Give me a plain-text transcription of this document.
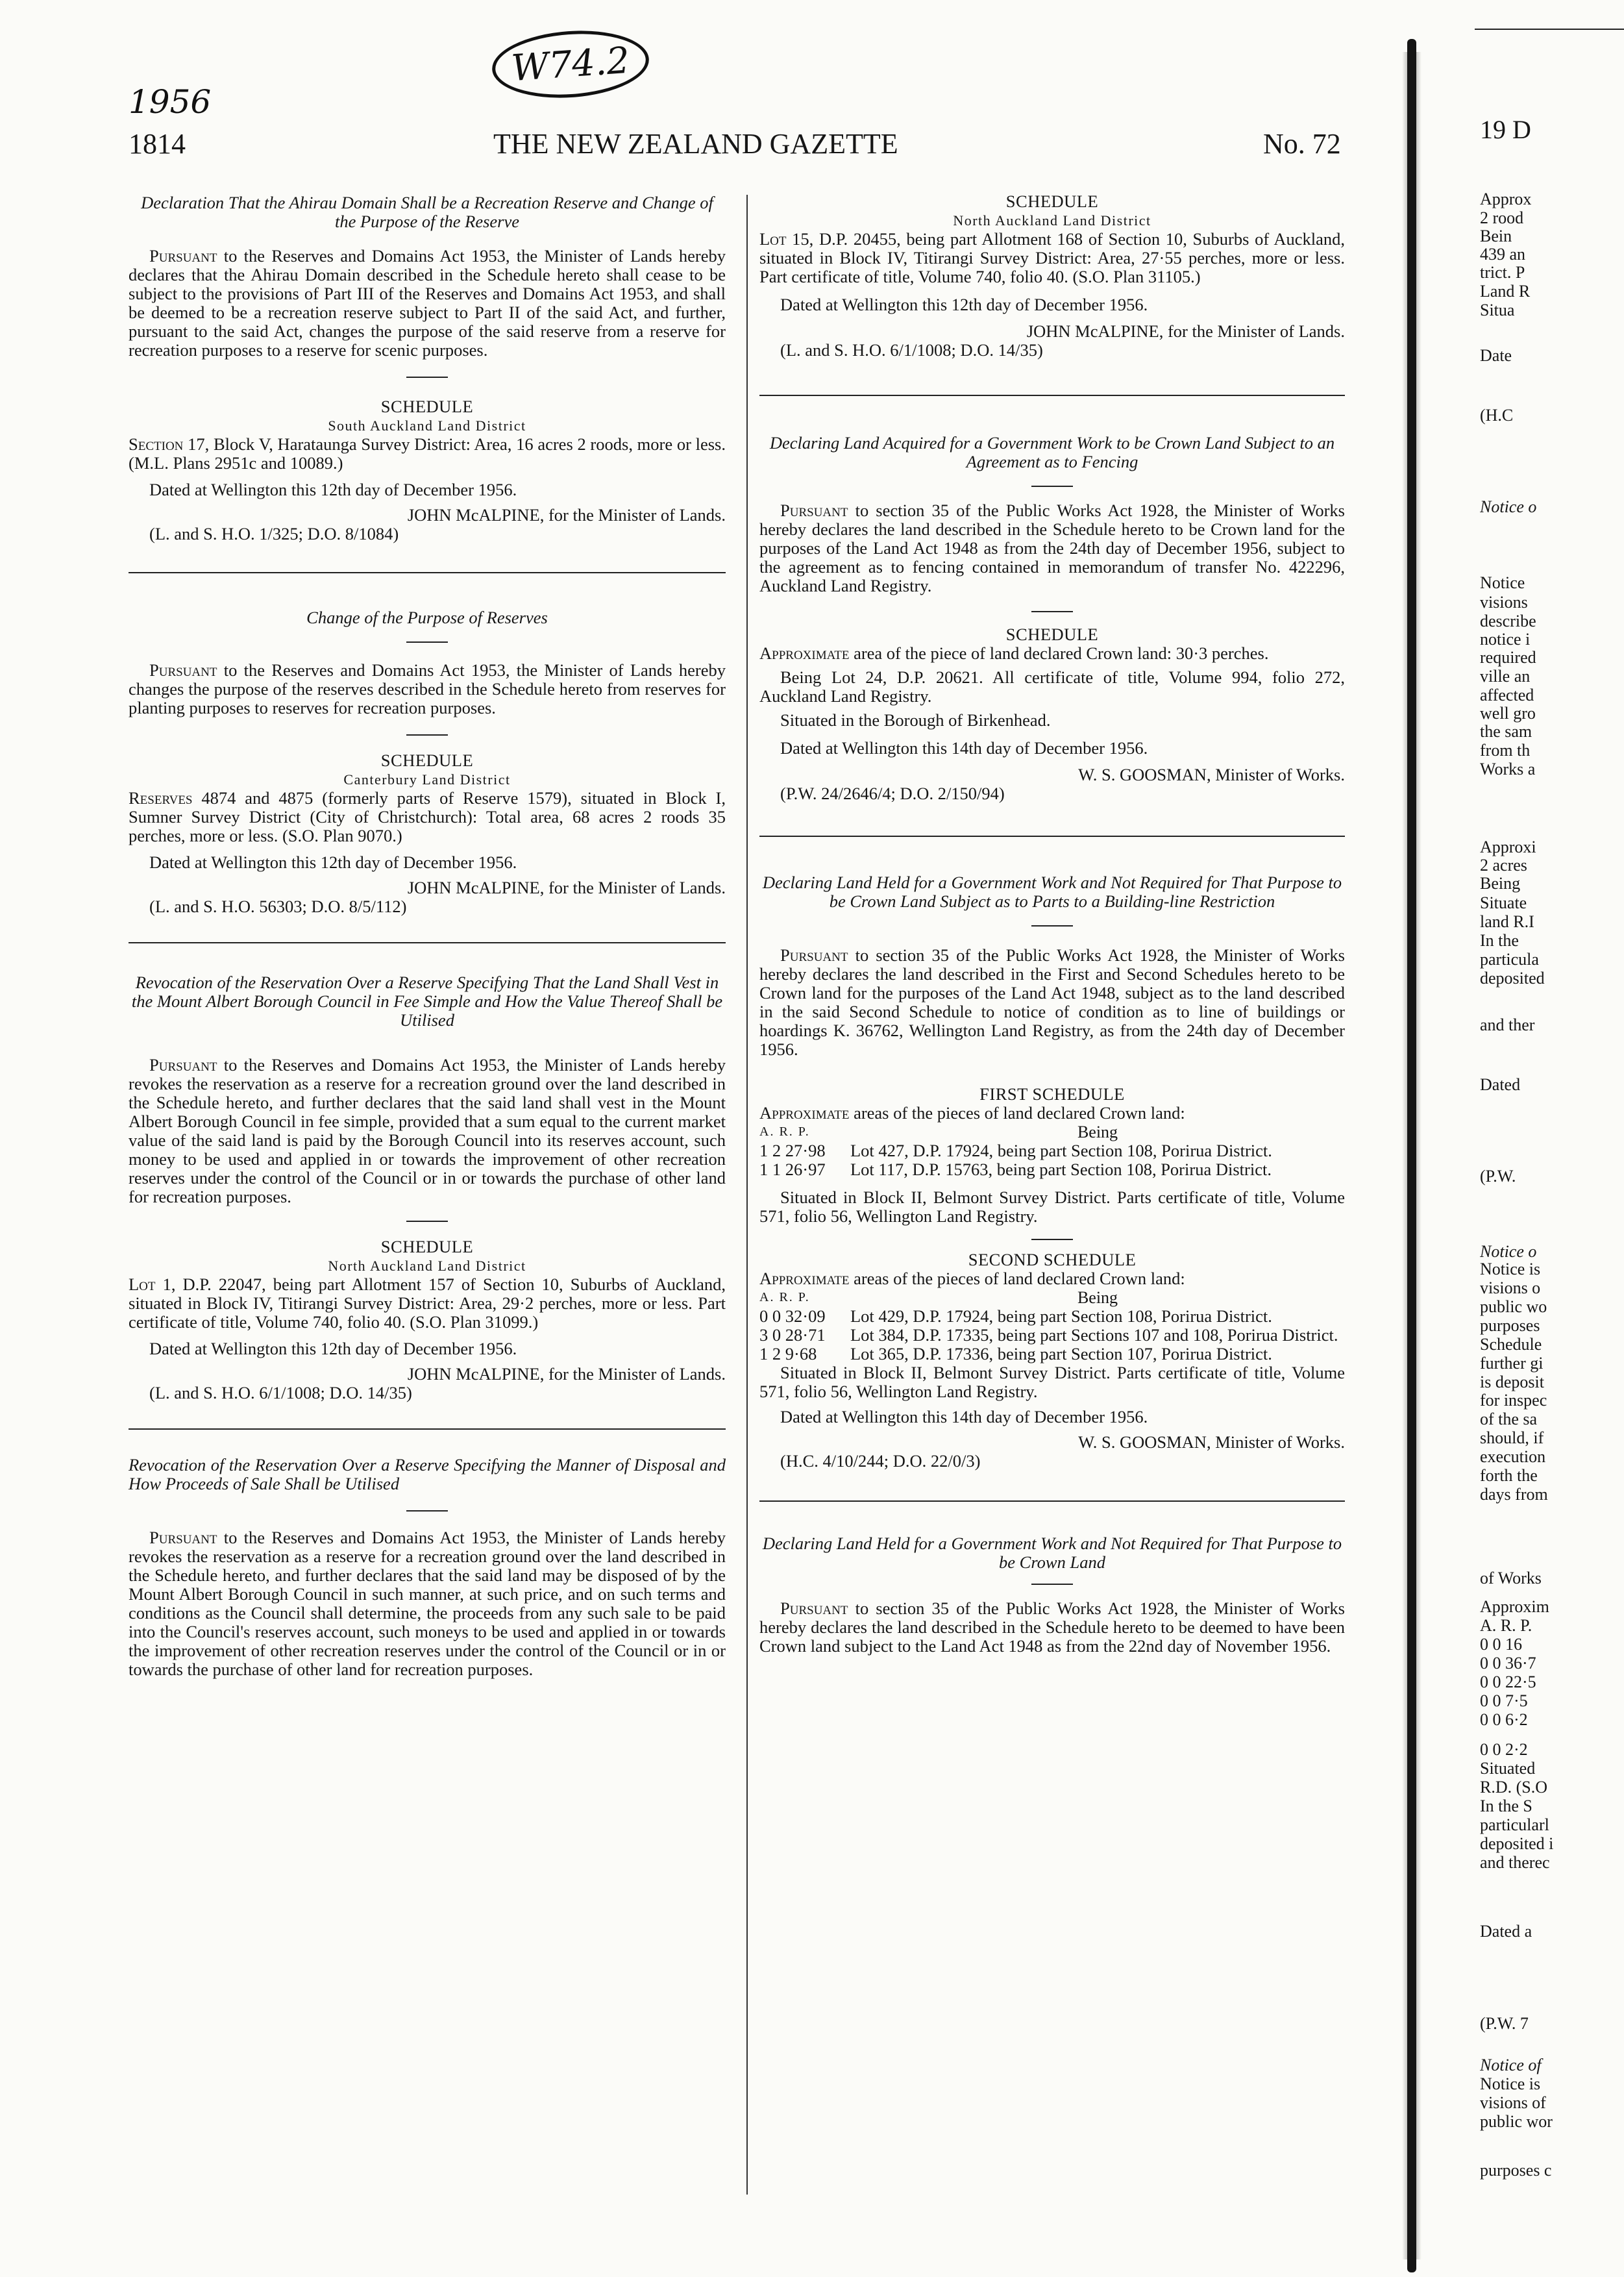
1956
W74.2
1814	THE NEW ZEALAND GAZETTE	No. 72

Declaration That the Ahirau Domain Shall be a Recreation Reserve and Change of the Purpose of the Reserve

Pursuant to the Reserves and Domains Act 1953, the Minister of Lands hereby declares that the Ahirau Domain described in the Schedule hereto shall cease to be subject to the provisions of Part III of the Reserves and Domains Act 1953, and shall be deemed to be a recreation reserve subject to Part II of the said Act, and further, pursuant to the said Act, changes the purpose of the said reserve from a reserve for recreation purposes to a reserve for scenic purposes.

SCHEDULE

South Auckland Land District

Section 17, Block V, Harataunga Survey District: Area, 16 acres 2 roods, more or less. (M.L. Plans 2951c and 10089.)

Dated at Wellington this 12th day of December 1956.

JOHN McALPINE, for the Minister of Lands.

(L. and S. H.O. 1/325; D.O. 8/1084)

Change of the Purpose of Reserves

Pursuant to the Reserves and Domains Act 1953, the Minister of Lands hereby changes the purpose of the reserves described in the Schedule hereto from reserves for planting purposes to reserves for recreation purposes.

SCHEDULE

Canterbury Land District

Reserves 4874 and 4875 (formerly parts of Reserve 1579), situated in Block I, Sumner Survey District (City of Christchurch): Total area, 68 acres 2 roods 35 perches, more or less. (S.O. Plan 9070.)

Dated at Wellington this 12th day of December 1956.

JOHN McALPINE, for the Minister of Lands.

(L. and S. H.O. 56303; D.O. 8/5/112)

Revocation of the Reservation Over a Reserve Specifying That the Land Shall Vest in the Mount Albert Borough Council in Fee Simple and How the Value Thereof Shall be Utilised

Pursuant to the Reserves and Domains Act 1953, the Minister of Lands hereby revokes the reservation as a reserve for a recreation ground over the land described in the Schedule hereto, and further declares that the said land shall vest in the Mount Albert Borough Council in fee simple, provided that a sum equal to the current market value of the said land is paid by the Borough Council into its reserves account, such money to be used and applied in or towards the improvement of other recreation reserves under the control of the Council or in or towards the purchase of other land for recreation purposes.

SCHEDULE

North Auckland Land District

Lot 1, D.P. 22047, being part Allotment 157 of Section 10, Suburbs of Auckland, situated in Block IV, Titirangi Survey District: Area, 29·2 perches, more or less. Part certificate of title, Volume 740, folio 40. (S.O. Plan 31099.)

Dated at Wellington this 12th day of December 1956.

JOHN McALPINE, for the Minister of Lands.

(L. and S. H.O. 6/1/1008; D.O. 14/35)

Revocation of the Reservation Over a Reserve Specifying the Manner of Disposal and How Proceeds of Sale Shall be Utilised

Pursuant to the Reserves and Domains Act 1953, the Minister of Lands hereby revokes the reservation as a reserve for a recreation ground over the land described in the Schedule hereto, and further declares that the said land may be disposed of by the Mount Albert Borough Council in such manner, at such price, and on such terms and conditions as the Council shall determine, the proceeds from any such sale to be paid into the Council's reserves account, such moneys to be used and applied in or towards the improvement of other recreation reserves under the control of the Council or in or towards the purchase of other land for recreation purposes.

SCHEDULE

North Auckland Land District

Lot 15, D.P. 20455, being part Allotment 168 of Section 10, Suburbs of Auckland, situated in Block IV, Titirangi Survey District: Area, 27·55 perches, more or less. Part certificate of title, Volume 740, folio 40. (S.O. Plan 31105.)

Dated at Wellington this 12th day of December 1956.

JOHN McALPINE, for the Minister of Lands.

(L. and S. H.O. 6/1/1008; D.O. 14/35)

Declaring Land Acquired for a Government Work to be Crown Land Subject to an Agreement as to Fencing

Pursuant to section 35 of the Public Works Act 1928, the Minister of Works hereby declares the land described in the Schedule hereto to be Crown land for the purposes of the Land Act 1948 as from the 24th day of December 1956, subject to the agreement as to fencing contained in memorandum of transfer No. 422296, Auckland Land Registry.

SCHEDULE

Approximate area of the piece of land declared Crown land: 30·3 perches.

Being Lot 24, D.P. 20621. All certificate of title, Volume 994, folio 272, Auckland Land Registry.

Situated in the Borough of Birkenhead.

Dated at Wellington this 14th day of December 1956.

W. S. GOOSMAN, Minister of Works.

(P.W. 24/2646/4; D.O. 2/150/94)

Declaring Land Held for a Government Work and Not Required for That Purpose to be Crown Land Subject as to Parts to a Building-line Restriction

Pursuant to section 35 of the Public Works Act 1928, the Minister of Works hereby declares the land described in the First and Second Schedules hereto to be Crown land for the purposes of the Land Act 1948, subject as to the land described in the said Second Schedule to notice of condition as to line of buildings or hoardings K. 36762, Wellington Land Registry, as from the 24th day of December 1956.

FIRST SCHEDULE

Approximate areas of the pieces of land declared Crown land:

A. R. P.	Being
1 2 27·98	Lot 427, D.P. 17924, being part Section 108, Porirua District.
1 1 26·97	Lot 117, D.P. 15763, being part Section 108, Porirua District.

Situated in Block II, Belmont Survey District. Parts certificate of title, Volume 571, folio 56, Wellington Land Registry.

SECOND SCHEDULE

Approximate areas of the pieces of land declared Crown land:

A. R. P.	Being
0 0 32·09	Lot 429, D.P. 17924, being part Section 108, Porirua District.
3 0 28·71	Lot 384, D.P. 17335, being part Sections 107 and 108, Porirua District.
1 2 9·68	Lot 365, D.P. 17336, being part Section 107, Porirua District.

Situated in Block II, Belmont Survey District. Parts certificate of title, Volume 571, folio 56, Wellington Land Registry.

Dated at Wellington this 14th day of December 1956.

W. S. GOOSMAN, Minister of Works.

(H.C. 4/10/244; D.O. 22/0/3)

Declaring Land Held for a Government Work and Not Required for That Purpose to be Crown Land

Pursuant to section 35 of the Public Works Act 1928, the Minister of Works hereby declares the land described in the Schedule hereto to be deemed to have been Crown land subject to the Land Act 1948 as from the 22nd day of November 1956.

19 D
Approx
2 rood
Bein
439 an
trict. P
Land R
Situa
Date
(H.C
Notice o
Notice
visions
describe
notice i
required
ville an
affected
well gro
the sam
from th
Works a
Approxi
2 acres
Being
Situate
land R.I
In the
particula
deposited
and ther
Dated
(P.W.
Notice o
Notice is
visions o
public wo
purposes
Schedule
further gi
is deposit
for inspec
of the sa
should, if
execution
forth the
days from
of Works
Approxim
A. R. P.
0 0 16
0 0 36·7
0 0 22·5
0 0 7·5
0 0 6·2
0 0 2·2
Situated
R.D. (S.O
In the S
particularl
deposited i
and therec
Dated a
(P.W. 7
Notice of
Notice is
visions of
public wor
purposes c
